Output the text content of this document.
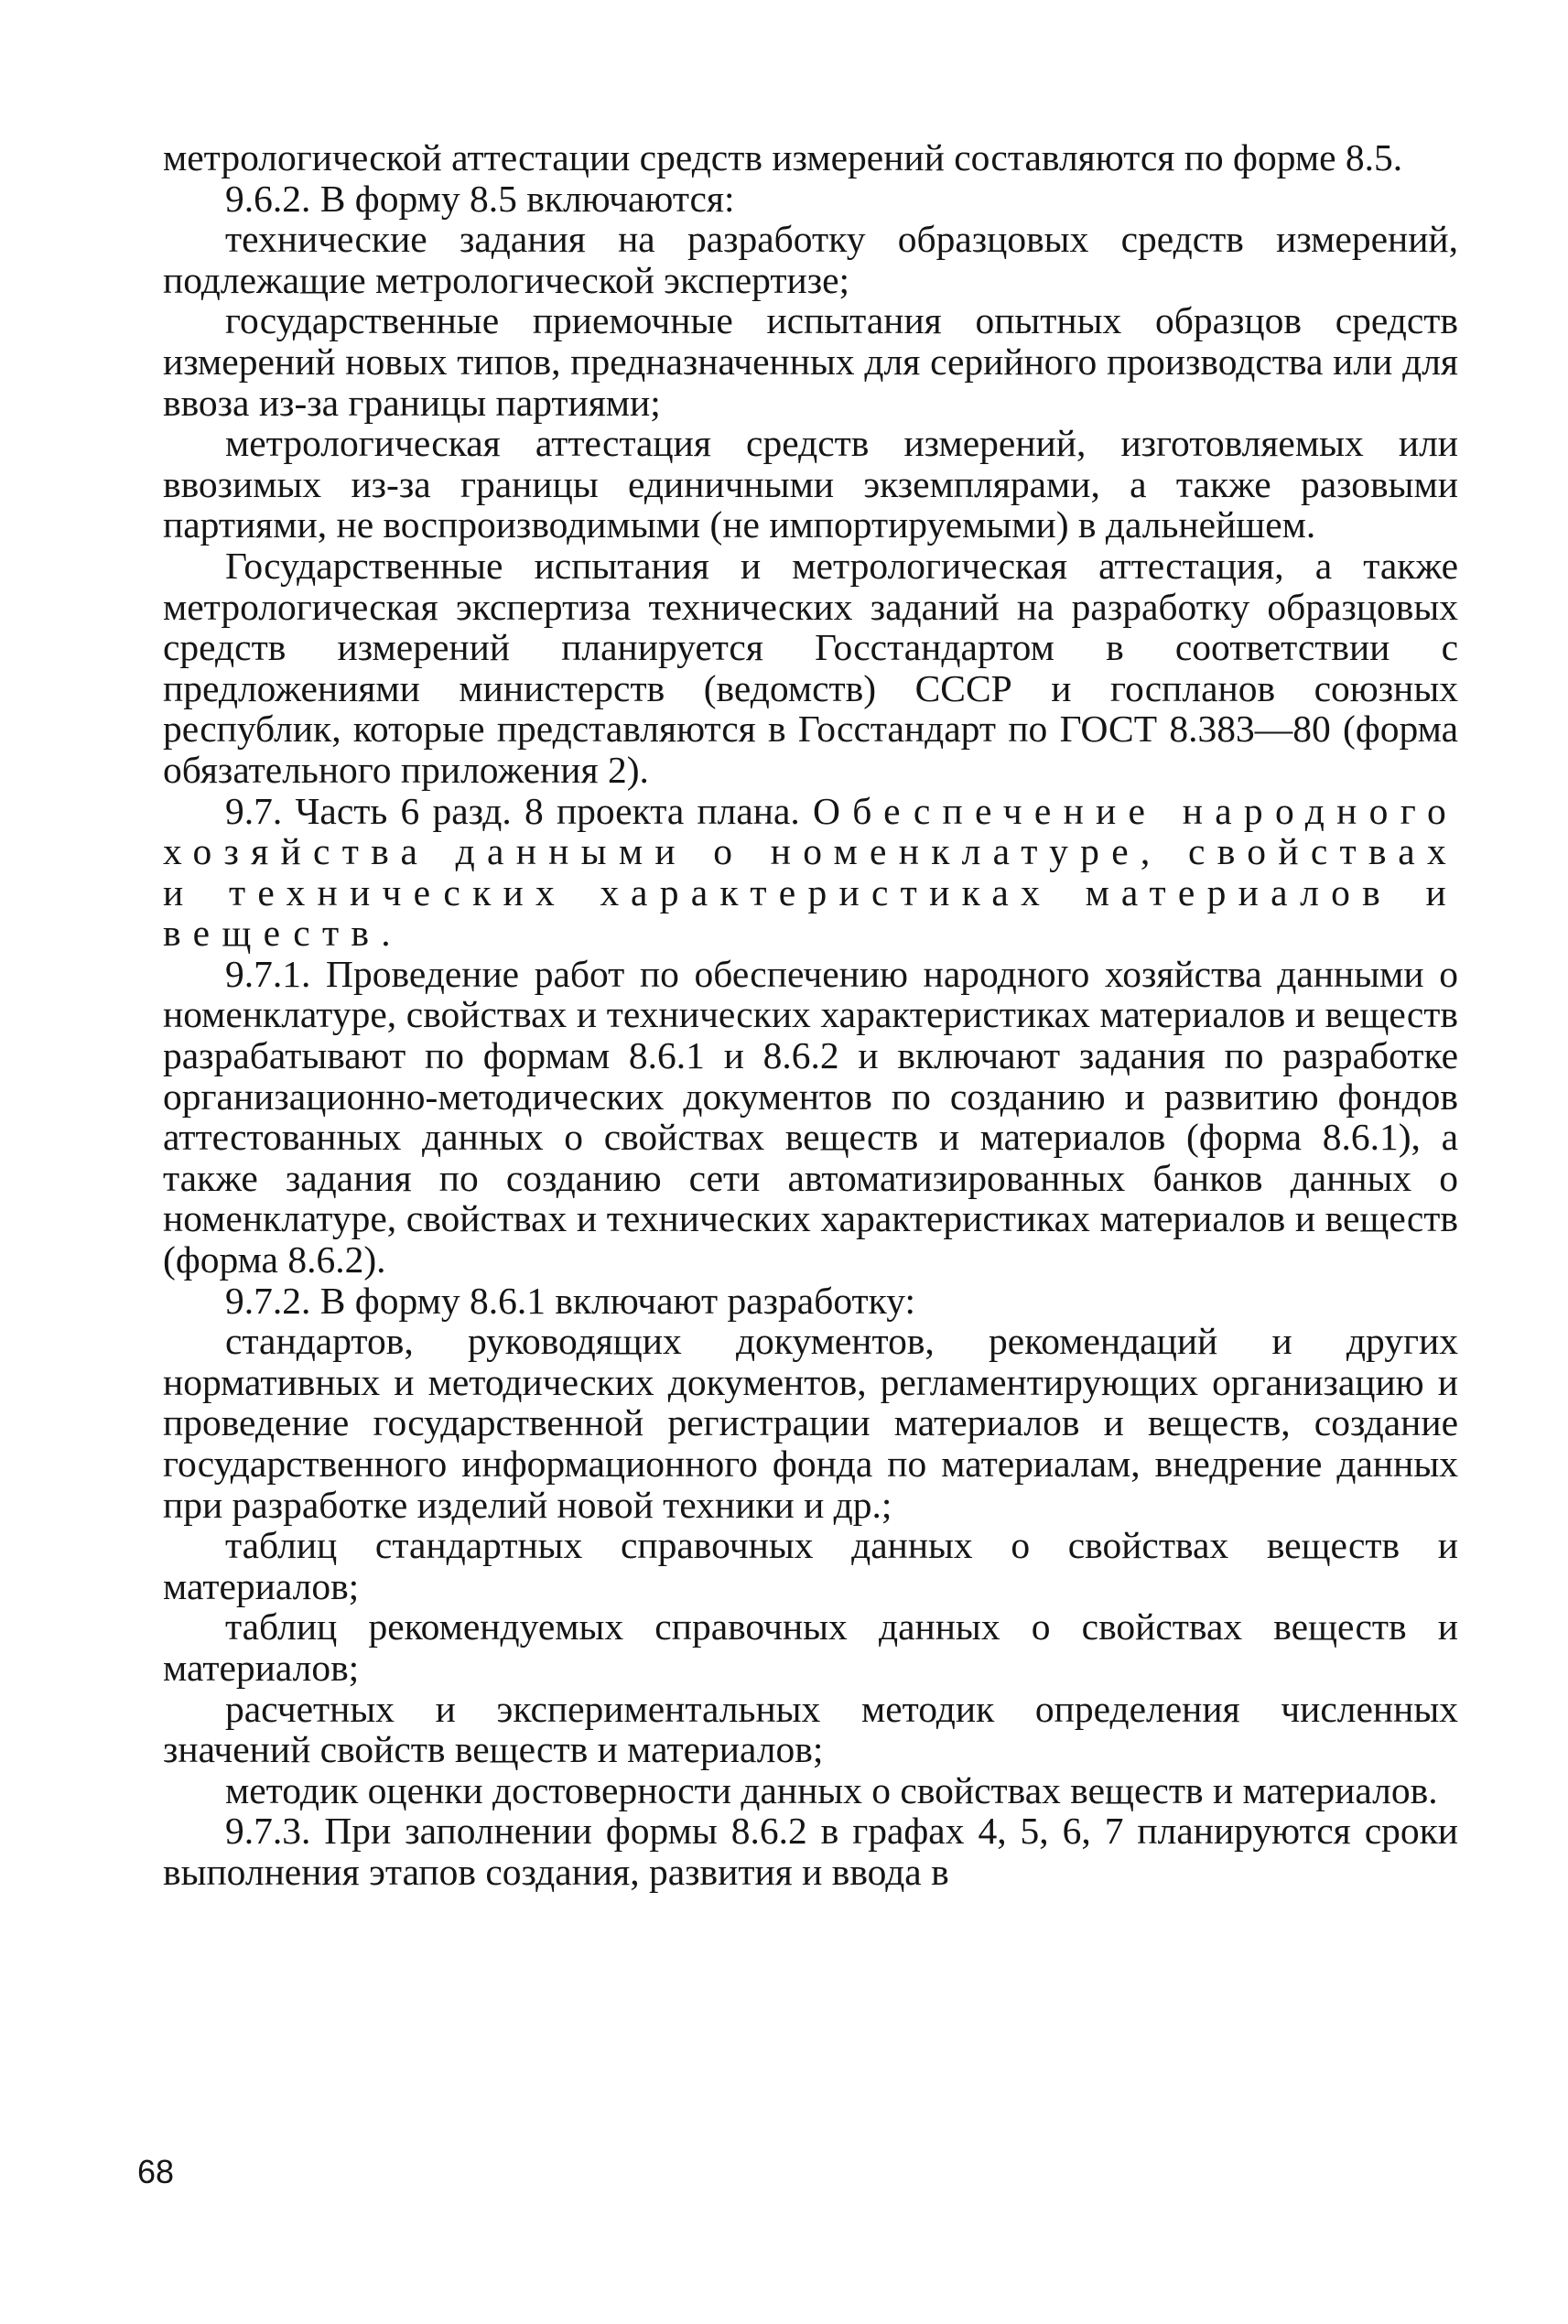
метрологической аттестации средств измерений составляются по форме 8.5.

9.6.2. В форму 8.5 включаются:

технические задания на разработку образцовых средств измерений, подлежащие метрологической экспертизе;

государственные приемочные испытания опытных образцов средств измерений новых типов, предназначенных для серийного производства или для ввоза из-за границы партиями;

метрологическая аттестация средств измерений, изготовляемых или ввозимых из-за границы единичными экземплярами, а также разовыми партиями, не воспроизводимыми (не импортируемыми) в дальнейшем.

Государственные испытания и метрологическая аттестация, а также метрологическая экспертиза технических заданий на разработку образцовых средств измерений планируется Госстандартом в соответствии с предложениями министерств (ведомств) СССР и госпланов союзных республик, которые представляются в Госстандарт по ГОСТ 8.383—80 (форма обязательного приложения 2).

9.7. Часть 6 разд. 8 проекта плана. Обеспечение народного хозяйства данными о номенклатуре, свойствах и технических характеристиках материалов и веществ.

9.7.1. Проведение работ по обеспечению народного хозяйства данными о номенклатуре, свойствах и технических характеристиках материалов и веществ разрабатывают по формам 8.6.1 и 8.6.2 и включают задания по разработке организационно-методических документов по созданию и развитию фондов аттестованных данных о свойствах веществ и материалов (форма 8.6.1), а также задания по созданию сети автоматизированных банков данных о номенклатуре, свойствах и технических характеристиках материалов и веществ (форма 8.6.2).

9.7.2. В форму 8.6.1 включают разработку:

стандартов, руководящих документов, рекомендаций и других нормативных и методических документов, регламентирующих организацию и проведение государственной регистрации материалов и веществ, создание государственного информационного фонда по материалам, внедрение данных при разработке изделий новой техники и др.;

таблиц стандартных справочных данных о свойствах веществ и материалов;

таблиц рекомендуемых справочных данных о свойствах веществ и материалов;

расчетных и экспериментальных методик определения численных значений свойств веществ и материалов;

методик оценки достоверности данных о свойствах веществ и материалов.

9.7.3. При заполнении формы 8.6.2 в графах 4, 5, 6, 7 планируются сроки выполнения этапов создания, развития и ввода в

68
